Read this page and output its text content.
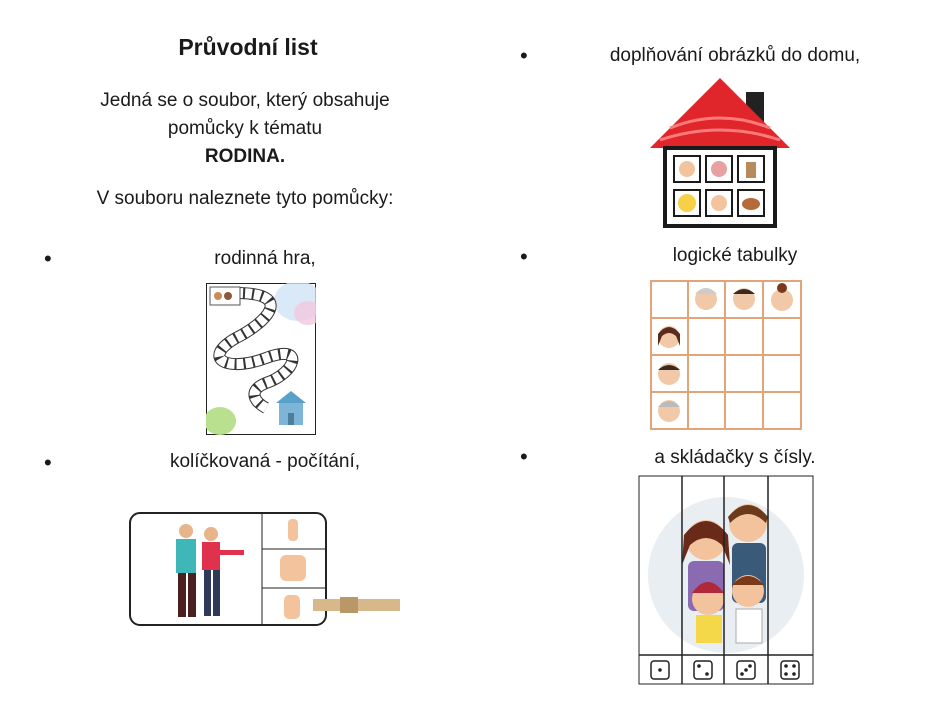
Průvodní list
Jedná se o soubor, který obsahuje
pomůcky k tématu
RODINA.
V souboru naleznete tyto pomůcky:
•
•
•
•
•
rodinná hra,
kolíčkovaná - počítání,
doplňování obrázků do domu,
logické tabulky
a skládačky s čísly.
